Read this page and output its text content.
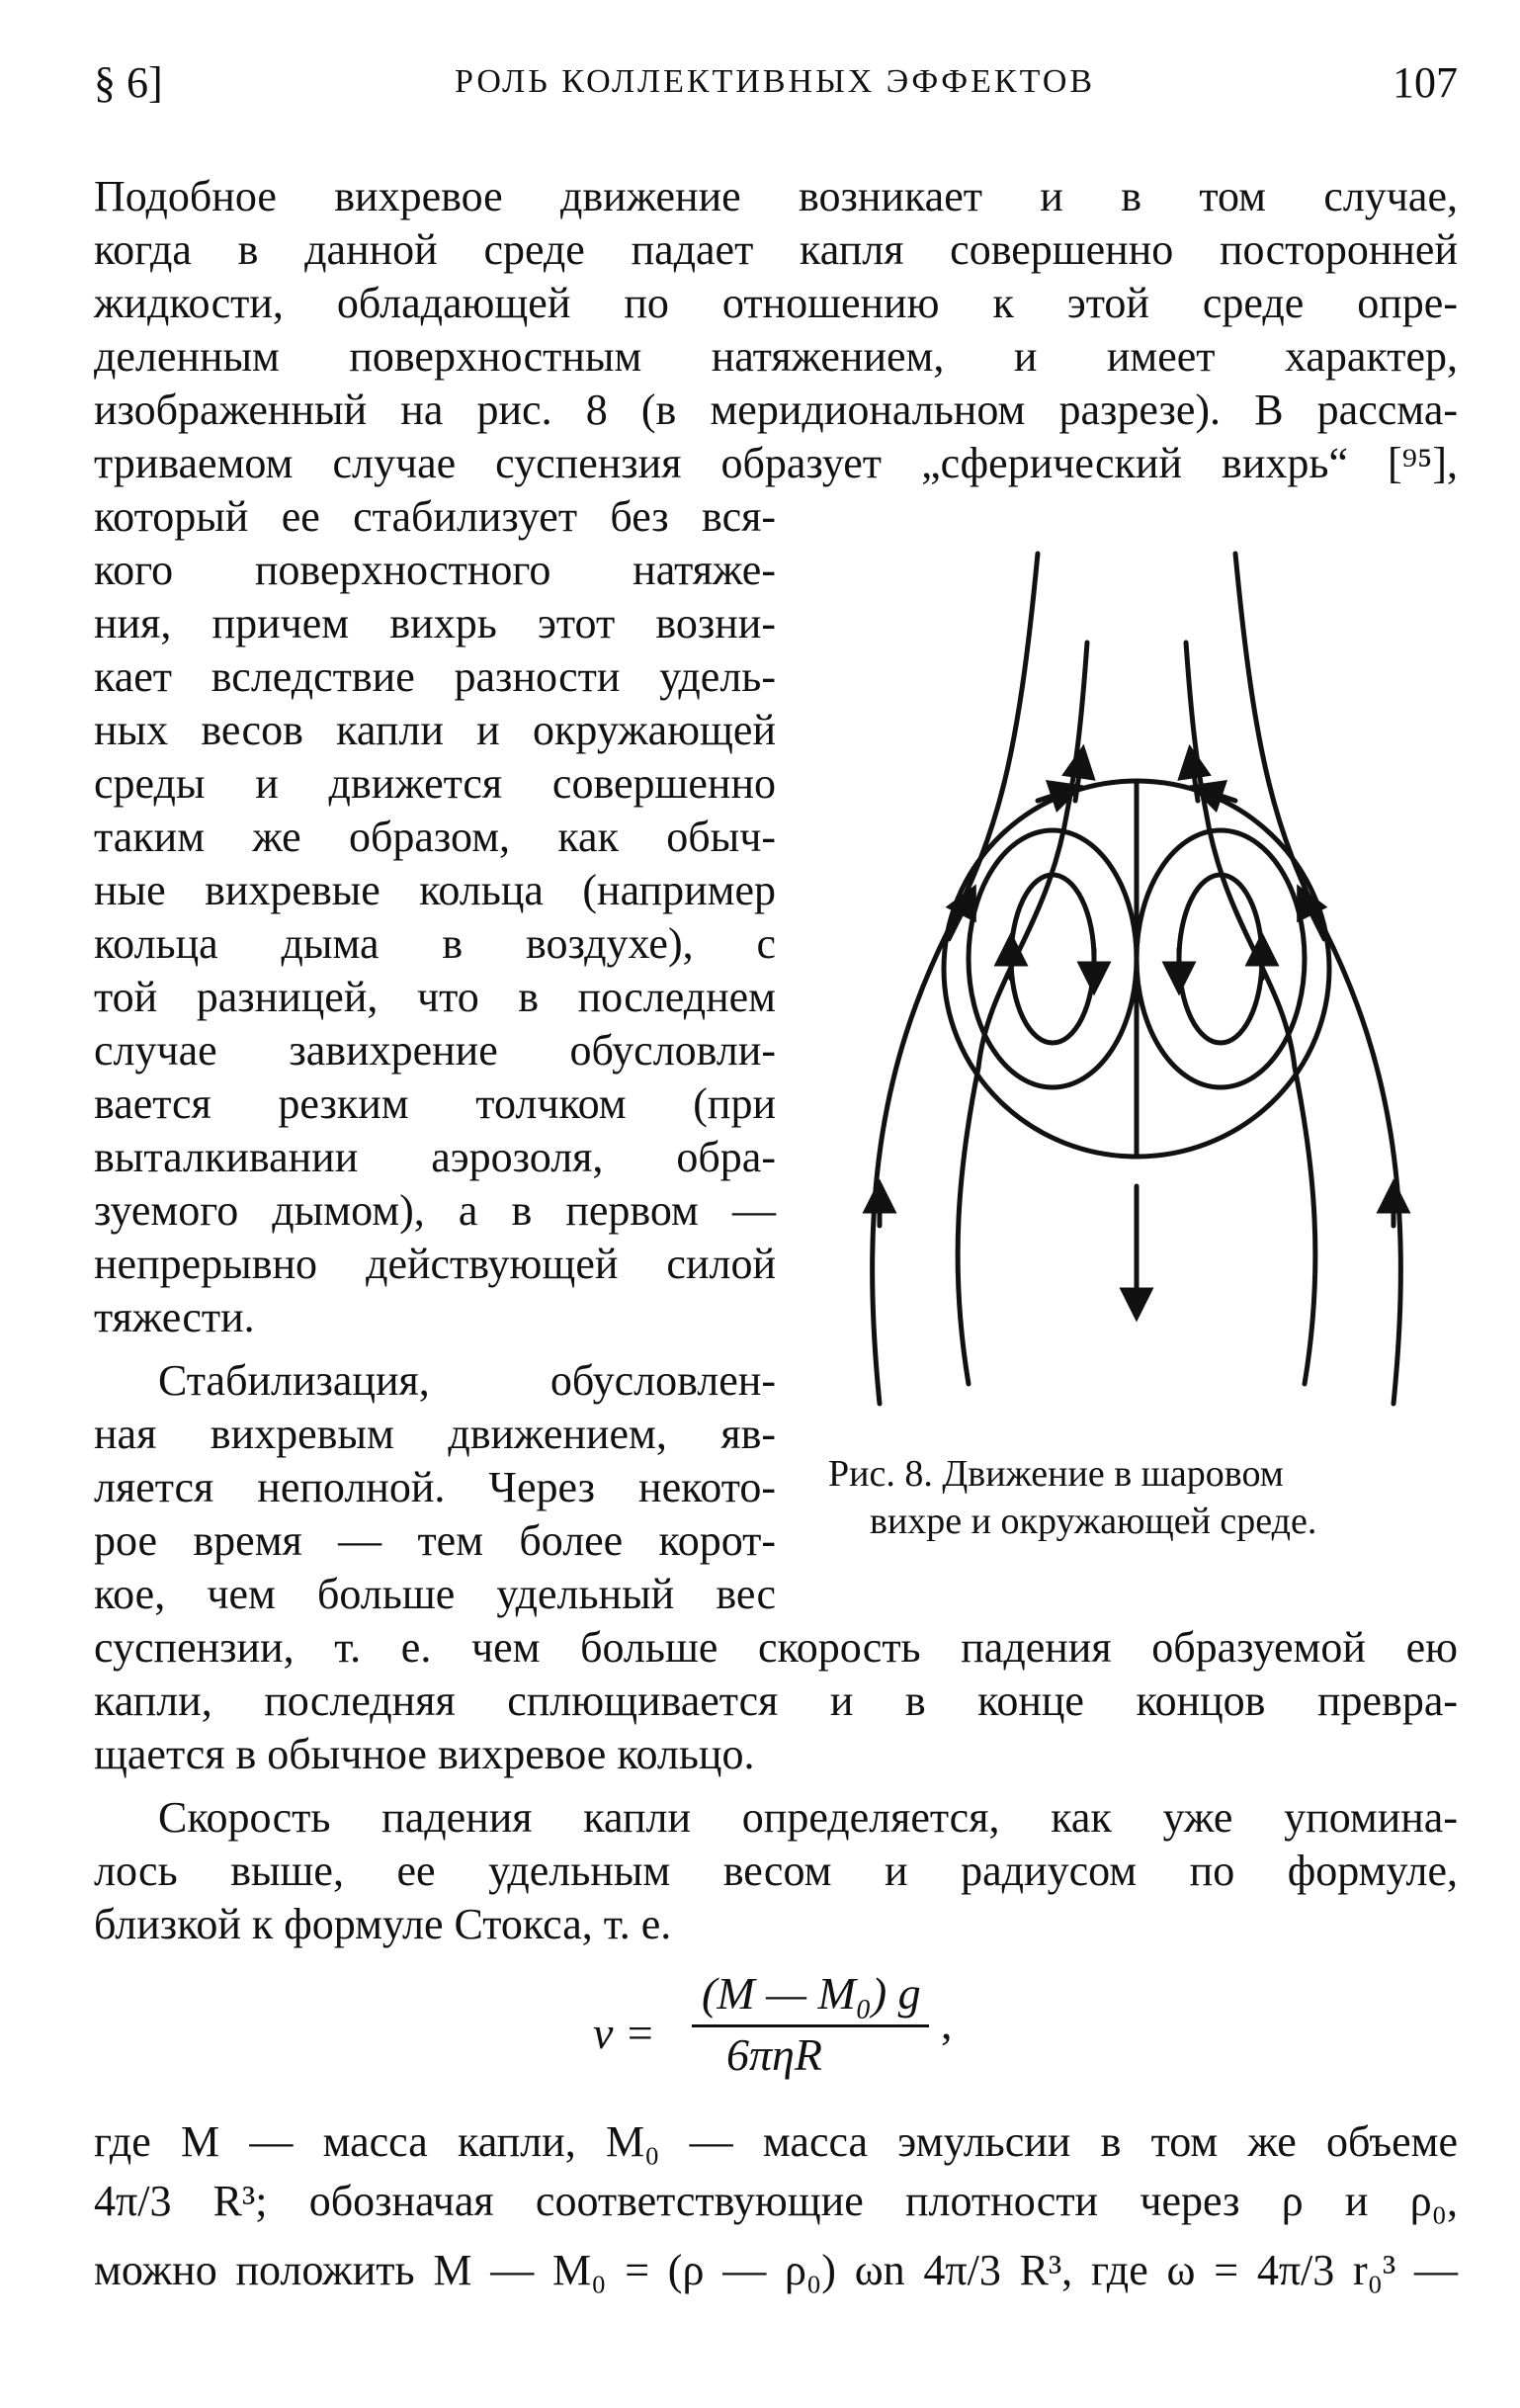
§ 6]	РОЛЬ КОЛЛЕКТИВНЫХ ЭФФЕКТОВ	107
Подобное вихревое движение возникает и в том случае,
когда в данной среде падает капля совершенно посторонней
жидкости, обладающей по отношению к этой среде опре-
деленным поверхностным натяжением, и имеет характер,
изображенный на рис. 8 (в меридиональном разрезе). В рассма-
триваемом случае суспензия образует „сферический вихрь“ [⁹⁵],
который ее стабилизует без вся-
кого поверхностного натяже-
ния, причем вихрь этот возни-
кает вследствие разности удель-
ных весов капли и окружающей
среды и движется совершенно
таким же образом, как обыч-
ные вихревые кольца (например
кольца дыма в воздухе), с
той разницей, что в последнем
случае завихрение обусловли-
вается резким толчком (при
выталкивании аэрозоля, обра-
зуемого дымом), а в первом —
непрерывно действующей силой
тяжести.
Стабилизация, обусловлен-
ная вихревым движением, яв-
ляется неполной. Через некото-
рое время — тем более корот-
кое, чем больше удельный вес
Рис. 8. Движение в шаровом
вихре и окружающей среде.
суспензии, т. е. чем больше скорость падения образуемой ею
капли, последняя сплющивается и в конце концов превра-
щается в обычное вихревое кольцо.
Скорость падения капли определяется, как уже упомина-
лось выше, ее удельным весом и радиусом по формуле,
близкой к формуле Стокса, т. е.
v =
(M — M₀) g
6πηR
,
где M — масса капли, M₀ — масса эмульсии в том же объеме
4π/3 R³; обозначая соответствующие плотности через ρ и ρ₀,
можно положить M — M₀ = (ρ — ρ₀) ωn 4π/3 R³, где ω = 4π/3 r₀³ —
